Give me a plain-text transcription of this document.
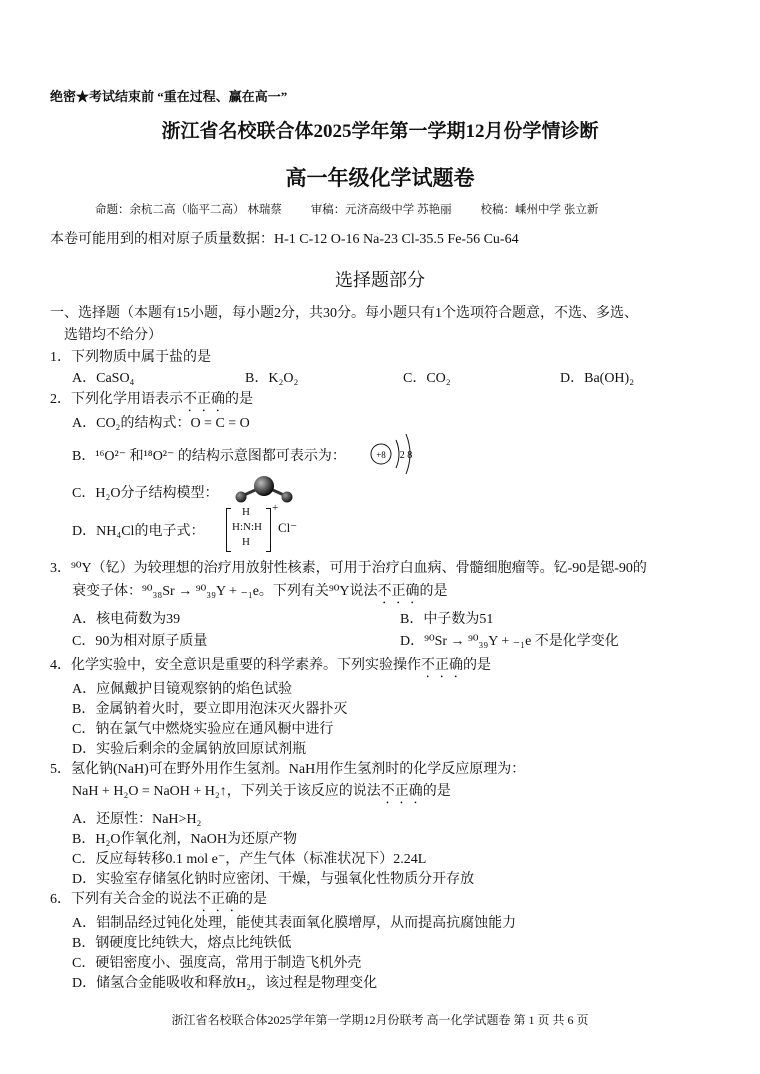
绝密★考试结束前 “重在过程、赢在高一”
浙江省名校联合体2025学年第一学期12月份学情诊断
高一年级化学试题卷
命题：余杭二高（临平二高） 林瑞蔡	审稿：元济高级中学 苏艳丽	校稿：嵊州中学 张立新
本卷可能用到的相对原子质量数据：H-1 C-12 O-16 Na-23 Cl-35.5 Fe-56 Cu-64
选择题部分
一、选择题（本题有15小题，每小题2分，共30分。每小题只有1个选项符合题意，不选、多选、
选错均不给分）
1．下列物质中属于盐的是
A．CaSO₄	B．K₂O₂	C．CO₂	D．Ba(OH)₂
2．下列化学用语表示不正确的是
A．CO₂的结构式：O = C = O
B．¹⁶O²⁻ 和¹⁸O²⁻ 的结构示意图都可表示为：	+8 2 8
C．H₂O分子结构模型：
D．NH₄Cl的电子式：
H
H:N:H
H
+
Cl⁻
3．⁹⁰Y（钇）为较理想的治疗用放射性核素，可用于治疗白血病、骨髓细胞瘤等。钇-90是锶-90的
衰变子体：⁹⁰₃₈Sr → ⁹⁰₃₉Y + ₋₁e。下列有关⁹⁰Y说法不正确的是
A．核电荷数为39	B．中子数为51
C．90为相对原子质量	D．⁹⁰Sr → ⁹⁰₃₉Y + ₋₁e 不是化学变化
4．化学实验中，安全意识是重要的科学素养。下列实验操作不正确的是
A．应佩戴护目镜观察钠的焰色试验
B．金属钠着火时，要立即用泡沫灭火器扑灭
C．钠在氯气中燃烧实验应在通风橱中进行
D．实验后剩余的金属钠放回原试剂瓶
5．氢化钠(NaH)可在野外用作生氢剂。NaH用作生氢剂时的化学反应原理为：
NaH + H₂O = NaOH + H₂↑，下列关于该反应的说法不正确的是
A．还原性：NaH>H₂
B．H₂O作氧化剂，NaOH为还原产物
C．反应每转移0.1 mol e⁻，产生气体（标准状况下）2.24L
D．实验室存储氢化钠时应密闭、干燥，与强氧化性物质分开存放
6．下列有关合金的说法不正确的是
A．铝制品经过钝化处理，能使其表面氧化膜增厚，从而提高抗腐蚀能力
B．钢硬度比纯铁大，熔点比纯铁低
C．硬铝密度小、强度高，常用于制造飞机外壳
D．储氢合金能吸收和释放H₂，该过程是物理变化
浙江省名校联合体2025学年第一学期12月份联考 高一化学试题卷 第 1 页 共 6 页
